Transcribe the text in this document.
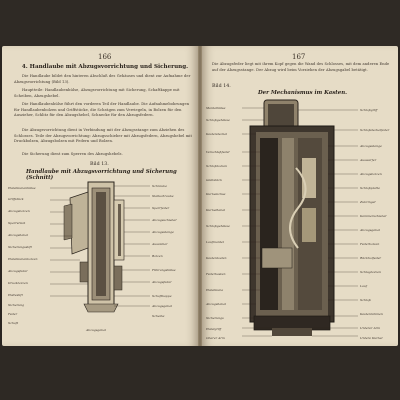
166
4. Handlaube mit Abzugsvorrichtung und Sicherung.
Die Handlaube bildet den hinteren Abschluß des Gehäuses und dient zur Aufnahme der Abzugsvorrichtung (Bild 13).
Hauptteile: Handlaubenhülse, Abzugsvorrichtung mit Sicherung, Schaftkappe mit Scheiben, Abzugshebel.
Die Handlaubenhülse führt den vorderen Teil der Handlaube. Die Aufnahmebohrungen für Handlaubenbolzen und Griffstücke, die Schrägen zum Verriegeln, in Bolzen für den Auszieher, Schlitz für den Abzugshebel, Schnecke für den Abzugsfedern.
Die Abzugsvorrichtung dient in Verbindung mit der Abzugsstange zum Abziehen des Schlosses. Teile der Abzugsvorrichtung: Abzugsschieber mit Abzugsfedern, Abzugshebel mit Druckbolzen, Abzugsbolzen mit Federn und Bolzen.
Die Sicherung dient zum Sperren des Abzugshebels.
Bild 13.
Handlaube mit Abzugsvorrichtung und Sicherung (Schnitt)
Handlaubenhülse
Griffstück
Abzugsbolzen
Sperrstück
Abzugshebel
Sicherungsstift
Handlaubenbolzen
Abzugsfeder
Druckbolzen
Haltestift
Sicherung
Feder
Schaft
Schraube
Stellschraube
Sperrfeder
Abzugsschieber
Abzugsstange
Auszieher
Bolzen
Führungshülse
Abzugsfeder
Schaftkappe
Abzugsgabel
Scheibe
Abzugsgabel
167
Die Abzugsfeder liegt mit ihrem Kopf gegen die Wand des Schlosses, mit dem anderen Ende auf der Abzugsstange. Der Abzug wird beim Vorziehen der Abzugsgabel betätigt.
Bild 14.
Der Mechanismus im Kasten.
Mantelhülse
Schloßgehäuse
Kastendeckel
Verschlußfeder
Schloßbolzen
Gleitstück
Kurbelachse
Kurbelhebel
Schloßgehäuse
Laufmantel
Kastenboden
Federkasten
Handlaube
Abzugshebel
Sicherungs
Handgriff
Oberer Arm
Schloßgriff
Schloßdeckelfeder
Abzugsstange
Auswerfer
Abzugsbolzen
Schloßplatte
Zubringer
Kammerschieber
Abzugsgabel
Federbolzen
Rückholfeder
Schlagbolzen
Lauf
Schloß
Kastenrahmen
Unterer Arm
Untere Kurbel
